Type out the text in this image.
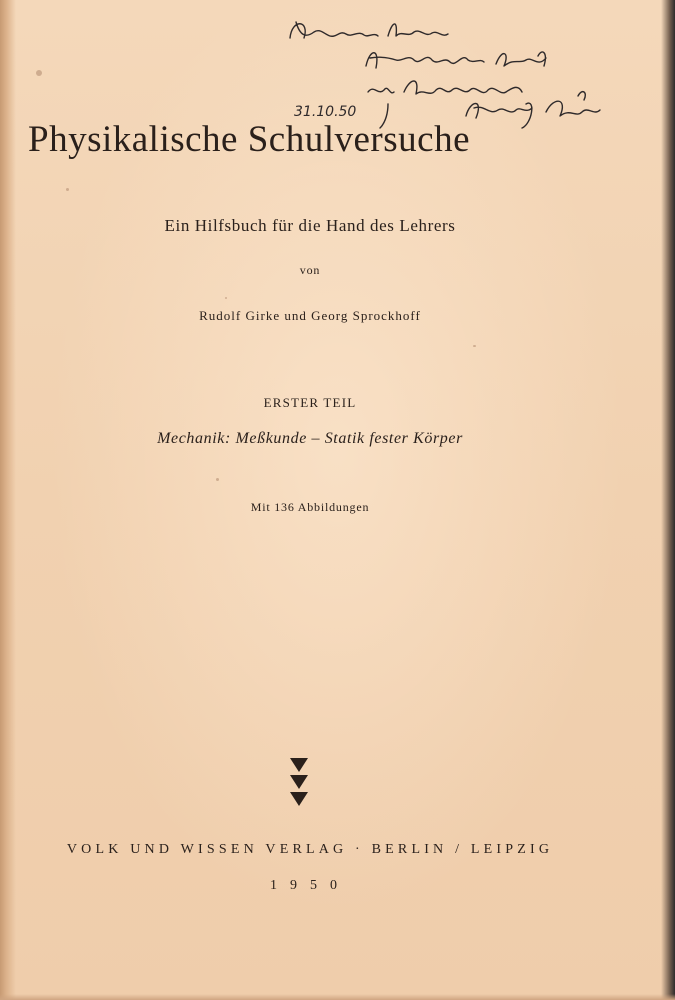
31.10.50
Physikalische Schulversuche
Ein Hilfsbuch für die Hand des Lehrers
von
Rudolf Girke und Georg Sprockhoff
ERSTER TEIL
Mechanik: Meßkunde – Statik fester Körper
Mit 136 Abbildungen
VOLK UND WISSEN VERLAG · BERLIN / LEIPZIG
1950
